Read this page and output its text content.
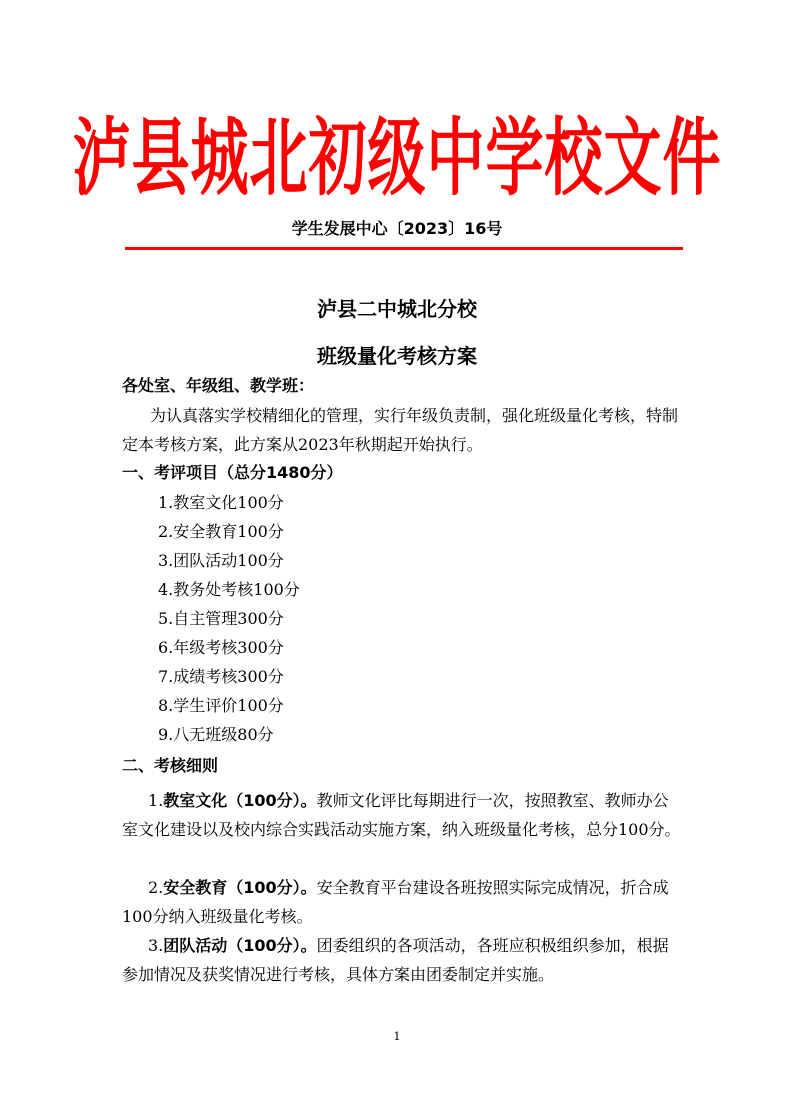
泸县城北初级中学校文件
学生发展中心〔2023〕16号
泸县二中城北分校
班级量化考核方案
各处室、年级组、教学班：
为认真落实学校精细化的管理，实行年级负责制，强化班级量化考核，特制定本考核方案，此方案从2023年秋期起开始执行。
一、考评项目（总分1480分）
1.教室文化100分
2.安全教育100分
3.团队活动100分
4.教务处考核100分
5.自主管理300分
6.年级考核300分
7.成绩考核300分
8.学生评价100分
9.八无班级80分
二、考核细则
1.教室文化（100分）。教师文化评比每期进行一次，按照教室、教师办公室文化建设以及校内综合实践活动实施方案，纳入班级量化考核，总分100分。
2.安全教育（100分）。安全教育平台建设各班按照实际完成情况，折合成100分纳入班级量化考核。
3.团队活动（100分）。团委组织的各项活动，各班应积极组织参加，根据参加情况及获奖情况进行考核，具体方案由团委制定并实施。
1
